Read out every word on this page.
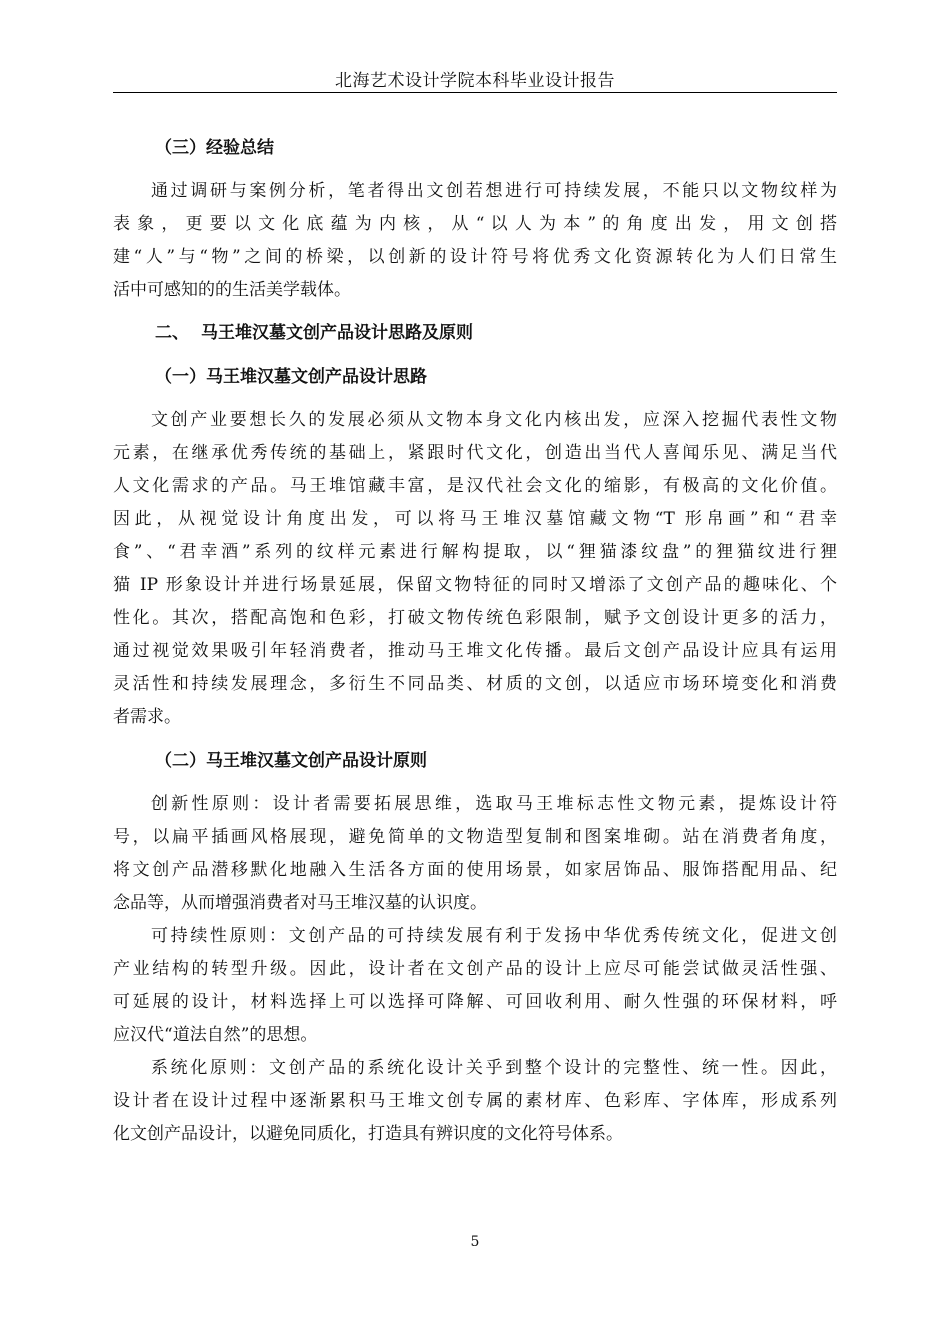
北海艺术设计学院本科毕业设计报告
（三）经验总结
通过调研与案例分析，笔者得出文创若想进行可持续发展，不能只以文物纹样为
表 象 ， 更 要 以 文 化 底 蕴 为 内 核 ， 从 “ 以 人 为 本 ” 的 角 度 出 发 ， 用 文 创 搭
建“人”与“物”之间的桥梁，以创新的设计符号将优秀文化资源转化为人们日常生
活中可感知的的生活美学载体。
二、 马王堆汉墓文创产品设计思路及原则
（一）马王堆汉墓文创产品设计思路
文创产业要想长久的发展必须从文物本身文化内核出发，应深入挖掘代表性文物
元素，在继承优秀传统的基础上，紧跟时代文化，创造出当代人喜闻乐见、满足当代
人文化需求的产品。马王堆馆藏丰富，是汉代社会文化的缩影，有极高的文化价值。
因此，从视觉设计角度出发，可以将马王堆汉墓馆藏文物“T 形帛画”和“君幸
食”、“君幸酒”系列的纹样元素进行解构提取，以“狸猫漆纹盘”的狸猫纹进行狸
猫 IP 形象设计并进行场景延展，保留文物特征的同时又增添了文创产品的趣味化、个
性化。其次，搭配高饱和色彩，打破文物传统色彩限制，赋予文创设计更多的活力，
通过视觉效果吸引年轻消费者，推动马王堆文化传播。最后文创产品设计应具有运用
灵活性和持续发展理念，多衍生不同品类、材质的文创，以适应市场环境变化和消费
者需求。
（二）马王堆汉墓文创产品设计原则
创新性原则：设计者需要拓展思维，选取马王堆标志性文物元素，提炼设计符
号，以扁平插画风格展现，避免简单的文物造型复制和图案堆砌。站在消费者角度，
将文创产品潜移默化地融入生活各方面的使用场景，如家居饰品、服饰搭配用品、纪
念品等，从而增强消费者对马王堆汉墓的认识度。
可持续性原则：文创产品的可持续发展有利于发扬中华优秀传统文化，促进文创
产业结构的转型升级。因此，设计者在文创产品的设计上应尽可能尝试做灵活性强、
可延展的设计，材料选择上可以选择可降解、可回收利用、耐久性强的环保材料，呼
应汉代“道法自然”的思想。
系统化原则：文创产品的系统化设计关乎到整个设计的完整性、统一性。因此，
设计者在设计过程中逐渐累积马王堆文创专属的素材库、色彩库、字体库，形成系列
化文创产品设计，以避免同质化，打造具有辨识度的文化符号体系。
5
